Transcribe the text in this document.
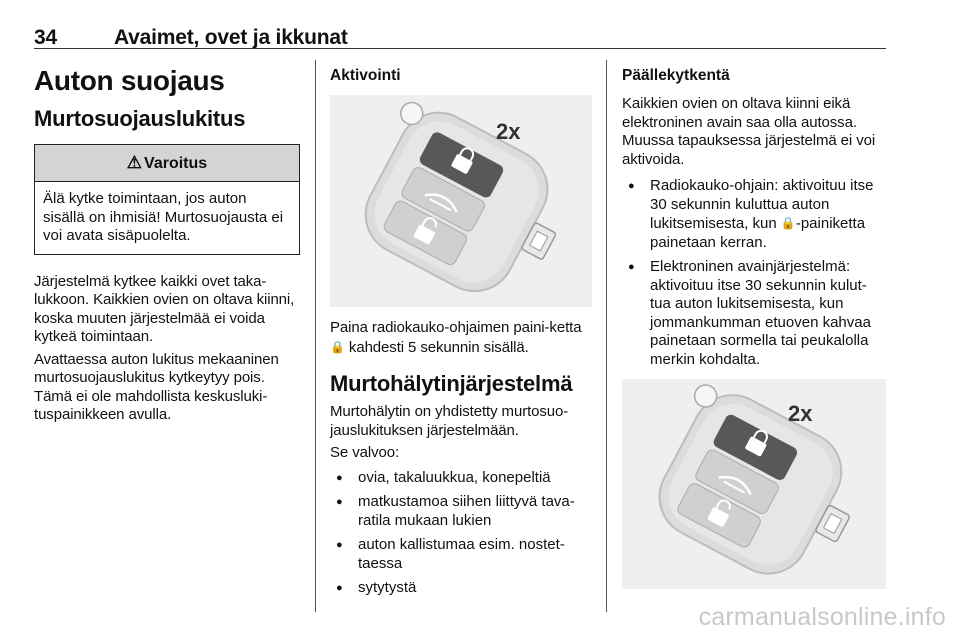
34	Avaimet, ovet ja ikkunat
Auton suojaus
Murtosuojauslukitus
⚠ Varoitus
Älä kytke toimintaan, jos auton sisällä on ihmisiä! Murtosuojausta ei voi avata sisäpuolelta.

Järjestelmä kytkee kaikki ovet taka-lukkoon. Kaikkien ovien on oltava kiinni, koska muuten järjestelmää ei voida kytkeä toimintaan.

Avattaessa auton lukitus mekaaninen murtosuojauslukitus kytkeytyy pois. Tämä ei ole mahdollista keskusluki-tuspainikkeen avulla.

Aktivointi
2x

Paina radiokauko-ohjaimen paini-ketta 🔒 kahdesti 5 sekunnin sisällä.

Murtohälytinjärjestelmä

Murtohälytin on yhdistetty murtosuo-jauslukituksen järjestelmään.

Se valvoo:

● ovia, takaluukkua, konepeltiä
● matkustamoa siihen liittyvä tava-ratila mukaan lukien
● auton kallistumaa esim. nostet-taessa
● sytytystä
Päällekytkentä

Kaikkien ovien on oltava kiinni eikä elektroninen avain saa olla autossa. Muussa tapauksessa järjestelmä ei voi aktivoida.

● Radiokauko-ohjain: aktivoituu itse 30 sekunnin kuluttua auton lukitsemisesta, kun 🔒-painiketta painetaan kerran.
● Elektroninen avainjärjestelmä: aktivoituu itse 30 sekunnin kulut-tua auton lukitsemisesta, kun jommankumman etuoven kahvaa painetaan sormella tai peukalolla merkin kohdalta.
2x
carmanualsonline.info
